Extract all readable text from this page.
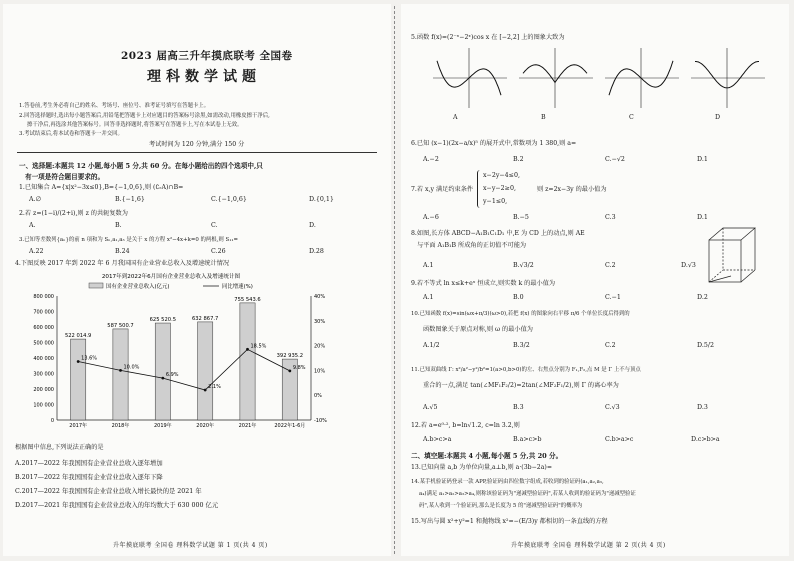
2023 届高三升年摸底联考 全国卷
理科数学试题
1.答卷前,考生务必将自己的姓名、考场号、座位号、准考证号填写在答题卡上。
2.回答选择题时,选出每小题答案后,用铅笔把答题卡上对应题目的答案标号涂黑,如需改动,用橡皮擦干净后,
擦干净后,再选涂其他答案标号。回答非选择题时,将答案写在答题卡上,写在本试卷上无效。
3.考试结束后,将本试卷和答题卡一并交回。
考试时间为 120 分钟,满分 150 分
一、选择题:本题共 12 小题,每小题 5 分,共 60 分。在每小题给出的四个选项中,只
有一项是符合题目要求的。
1.已知集合 A={x|x²−3x≤0},B={−1,0,6},则 (∁ᵣA)∩B=
A.∅	B.{−1,6}	C.{−1,0,6}	D.{0,1}
2.若 z=(1−i)/(2+i),则 z 的共轭复数为
A.	B.	C.	D.
3.已知等差数列{aₙ}的前 n 项和为 Sₙ,a₁,a₃ 是关于 x 的方程 x²−4x+k=0 的两根,则 S₁₁=
A.22	B.24	C.26	D.28
4.下图反映 2017 年到 2022 年 6 月我国国有企业营业总收入及增速统计情况
2017年到2022年6月国有企业营业总收入及增速统计图
国有企业营业总收入(亿元)	同比增速(%)
0
100 000
200 000
300 000
400 000
500 000
600 000
700 000
800 000
-10%
0%
10%
20%
30%
40%
522 014.9
2017年
587 500.7
2018年
625 520.5
2019年
632 867.7
2020年
755 543.6
2021年
392 935.2
2022年1-6月
13.6%
10.0%
6.9%
2.1%
18.5%
9.8%
根据图中信息,下列说法正确的是
A.2017—2022 年我国国有企业营业总收入逐年增加
B.2017—2022 年我国国有企业营业总收入逐年下降
C.2017—2022 年我国国有企业营业总收入增长最快的是 2021 年
D.2017—2021 年我国国有企业营业总收入的年均数大于 630 000 亿元
升年摸底联考 全国卷 理科数学试题 第 1 页(共 4 页)
5.函数 f(x)=(2⁻ˣ−2ˣ)cos x 在 [−2,2] 上的图象大致为
A	B	C	D
6.已知 (x−1)(2x−a/x)⁵ 的展开式中,常数项为 1 380,则 a=
A.−2	B.2	C.−√2	D.1
7.若 x,y 满足约束条件
x−2y−4≤0,
x−y−2≥0,
y−1≤0,
则 z=2x−3y 的最小值为
A.−6	B.−5	C.3	D.1
8.如图,长方体 ABCD−A₁B₁C₁D₁ 中,E 为 CD 上的动点,则 AE
与平面 A₁B₁B 所成角的正切值不可能为
A.1	B.√3/2	C.2	D.√3
9.若不等式 ln x≤k+eˣ 恒成立,则实数 k 的最小值为
A.1	B.0	C.−1	D.2
10.已知函数 f(x)=sin(ωx+π/3)(ω>0),若把 f(x) 的图象向右平移 π/6 个单位长度后得到的
函数图象关于原点对称,则 ω 的最小值为
A.1/2	B.3/2	C.2	D.5/2
11.已知双曲线 Γ: x²/a²−y²/b²=1(a>0,b>0)的左、右焦点分别为 F₁,F₂,点 M 是 Γ 上不与顶点
重合的一点,满足 tan(∠MF₁F₂/2)=2tan(∠MF₂F₁/2),则 Γ 的离心率为
A.√5	B.3	C.√3	D.3
12.若 a=e⁰·², b=ln√1.2, c=ln 3.2,则
A.b>c>a	B.a>c>b	C.b>a>c	D.c>b>a
二、填空题:本题共 4 小题,每小题 5 分,共 20 分。
13.已知向量 a,b 为单位向量,a⊥b,则 a·(3b−2a)=
14.某手机验证码登录一款 APP,验证码由四位数字组成,若收到的验证码(a₁,a₂,a₃,
a₄)满足 a₁>a₂>a₃>a₄,则称该验证码为"递减型验证码",若某人收到的验证码为"递减型验证
码",某人收到一个验证码,那么是长度为 5 的"递减型验证码"的概率为
15.写出与圆 x²+y²=1 和抛物线 x²=−(E/3)y 都相切的一条直线的方程
升年摸底联考 全国卷 理科数学试题 第 2 页(共 4 页)
